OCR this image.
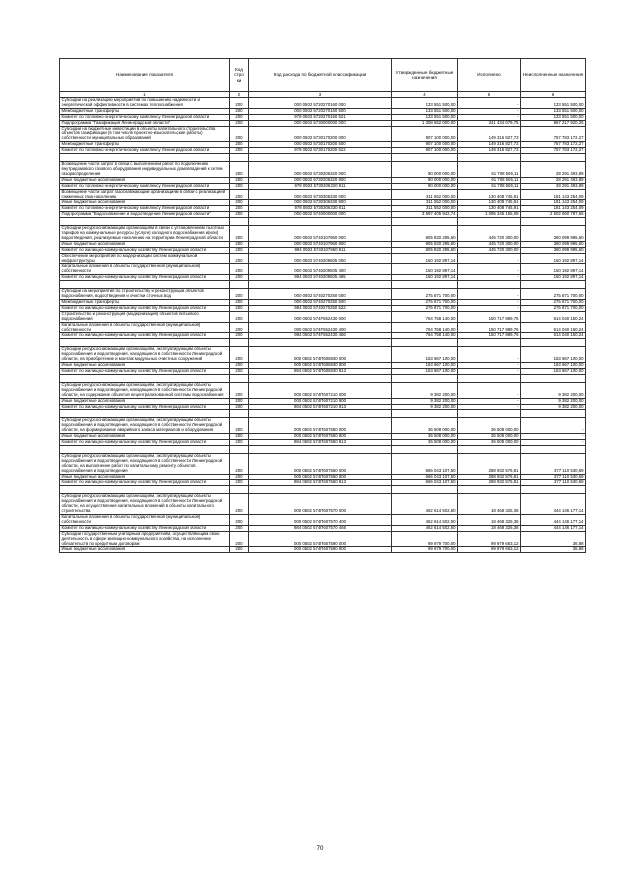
Наименование показателя	Код стро ки	Код расхода по бюджетной классификации	Утвержденные бюджетные назначения	Исполнено	Неисполненные назначения
1	2	3	4	5	6
Субсидии на реализацию мероприятий по повышению надежности и энергетической эффективности в системах теплоснабжения	200	000 0502 5720270160 000	133 551 500,00	-	133 551 500,00
Межбюджетные трансферты	200	000 0502 5720270160 500	133 551 500,00	-	133 551 500,00
Комитет по топливно-энергетическому комплексу Ленинградской области	200	978 0502 5720270160 521	133 551 500,00	-	133 551 500,00
Подпрограмма "Газификация Ленинградской области"	200	000 0502 5730000000 000	1 308 652 000,00	341 434 079,75	967 217 920,25
Субсидии на бюджетные инвестиции в объекты капитального строительства объектов газификации (в том числе проектно-изыскательские работы) собственности муниципальных образований	200	000 0502 5730170200 000	907 100 000,00	149 316 827,73	757 783 172,27
Межбюджетные трансферты	200	000 0502 5730170200 500	907 100 000,00	149 316 827,73	757 783 172,27
Комитет по топливно-энергетическому комплексу Ленинградской области	200	978 0502 5730170200 522	907 100 000,00	149 316 827,73	757 783 172,27

Возмещение части затрат в связи с выполнением работ по подключению внутридомового газового оборудования индивидуальных домовладений к сетям газораспределения	200	000 0502 5730206320 000	90 000 000,00	61 708 506,11	28 291 493,89
Иные бюджетные ассигнования	200	000 0502 5730206320 800	90 000 000,00	61 708 506,11	28 291 493,89
Комитет по топливно-энергетическому комплексу Ленинградской области	200	978 0502 5730206320 811	90 000 000,00	61 708 506,11	28 291 493,89
Возмещение части затрат газоснабжающим организациям в связи с реализацией сниженных газа населению	200	000 0502 5730306330 000	311 552 000,00	130 408 745,91	181 143 254,09
Иные бюджетные ассигнования	200	000 0502 5730306330 800	311 552 000,00	130 408 745,91	181 143 254,09
Комитет по топливно-энергетическому комплексу Ленинградской области	200	978 0502 5730306330 811	311 552 000,00	130 408 745,91	181 143 254,09
Подпрограмма "Водоснабжение и водоотведение Ленинградской области"	200	000 0502 5740000000 000	3 597 405 942,74	1 095 345 155,08	2 502 060 787,66

Субсидии ресурсоснабжающим организациям в связи с установлением льготных тарифов на коммунальные ресурсы (услуги) холодного водоснабжения и(или) водоотведения, реализуемые населению на территории Ленинградской области	200	000 0502 5740107960 000	805 820 295,60	445 720 300,00	360 099 995,60
Иные бюджетные ассигнования	200	000 0502 5740107960 800	805 820 295,60	445 720 300,00	360 099 995,60
Комитет по жилищно-коммунальному хозяйству Ленинградской области	200	984 0502 5740107960 811	805 820 295,60	445 720 300,00	360 099 995,60
Обеспечение мероприятий по модернизации систем коммунальной инфраструктуры	200	000 0502 5740209505 000	150 192 897,14	-	150 192 897,14
Капитальные вложения в объекты государственной (муниципальной) собственности	200	000 0502 5740209505 400	150 192 897,14	-	150 192 897,14
Комитет по жилищно-коммунальному хозяйству Ленинградской области	200	984 0502 5740209505 465	150 192 897,14	-	150 192 897,14

Субсидии на мероприятия по строительству и реконструкции объектов водоснабжения, водоотведения и очистки сточных вод	200	000 0502 5740270250 000	275 871 700,00	-	275 871 700,00
Межбюджетные трансферты	200	000 0502 5740270250 500	275 871 700,00	-	275 871 700,00
Комитет по жилищно-коммунальному хозяйству Ленинградской области	200	984 0502 5740270250 522	275 871 700,00	-	275 871 700,00
Строительство и реконструкция (модернизация) объектов питьевого водоснабжения	200	000 0502 574F552430 000	764 758 140,00	150 717 989,76	614 040 150,24
Капитальные вложения в объекты государственной (муниципальной) собственности	200	000 0502 574F552430 400	764 758 140,00	150 717 989,76	614 040 150,24
Комитет по жилищно-коммунальному хозяйству Ленинградской области	200	984 0502 574F552430 466	764 758 140,00	150 717 989,76	614 040 150,24

Субсидии ресурсоснабжающим организациям, эксплуатирующим объекты водоснабжения и водоотведения, находящиеся в собственности Ленинградской области, на приобретение и монтаж модульных очистных сооружений	200	000 0502 574П606830 000	163 667 100,00	-	163 667 100,00
Иные бюджетные ассигнования	200	000 0502 574П606830 800	163 667 100,00	-	163 667 100,00
Комитет по жилищно-коммунальному хозяйству Ленинградской области	200	984 0502 574П606830 813	163 667 100,00	-	163 667 100,00

Субсидии ресурсоснабжающим организациям, эксплуатирующим объекты водоснабжения и водоотведения, находящиеся в собственности Ленинградской области, на содержание объектов нецентрализованной системы водоснабжения	200	000 0502 574П607210 000	9 382 200,00	-	9 382 200,00
Иные бюджетные ассигнования	200	000 0502 574П607210 800	9 382 200,00	-	9 382 200,00
Комитет по жилищно-коммунальному хозяйству Ленинградской области	200	984 0502 574П607210 813	9 382 200,00	-	9 382 200,00

Субсидии ресурсоснабжающим организациям, эксплуатирующим объекты водоснабжения и водоотведения, находящиеся в собственности Ленинградской области, на формирование аварийного запаса материалов и оборудования	200	000 0502 574П607550 000	36 508 000,00	36 508 000,00	-
Иные бюджетные ассигнования	200	000 0502 574П607550 800	36 508 000,00	36 508 000,00	-
Комитет по жилищно-коммунальному хозяйству Ленинградской области	200	984 0502 574П607550 813	36 508 000,00	36 508 000,00	-

Субсидии ресурсоснабжающим организациям, эксплуатирующим объекты водоснабжения и водоотведения, находящиеся в собственности Ленинградской области, на выполнение работ по капитальному ремонту объектов водоснабжения и водоотведения	200	000 0502 574П607560 000	666 043 107,50	288 932 576,81	377 110 530,69
Иные бюджетные ассигнования	200	000 0502 574П607560 800	666 043 107,50	288 932 576,81	377 110 530,69
Комитет по жилищно-коммунальному хозяйству Ленинградской области	200	984 0502 574П607560 813	666 043 107,50	288 932 576,81	377 110 530,69

Субсидии ресурсоснабжающим организациям, эксплуатирующим объекты водоснабжения и водоотведения, находящиеся в собственности Ленинградской области, на осуществление капитальных вложений в объекты капитального строительства	200	000 0502 574П607570 000	462 614 502,50	18 468 325,36	444 146 177,14
Капитальные вложения в объекты государственной (муниципальной) собственности	200	000 0502 574П607570 400	462 614 502,50	18 468 325,36	444 146 177,14
Комитет по жилищно-коммунальному хозяйству Ленинградской области	200	984 0502 574П607570 466	462 614 502,50	18 468 325,36	444 146 177,14
Субсидии государственным унитарным предприятиям, осуществляющим свою деятельность в сфере жилищно-коммунального хозяйства, на исполнение обязательств по кредитным договорам	200	000 0502 574П607590 000	99 979 700,00	99 979 663,12	36,88
Иные бюджетные ассигнования	200	000 0502 574П607590 800	99 979 700,00	99 979 663,12	36,88
70
